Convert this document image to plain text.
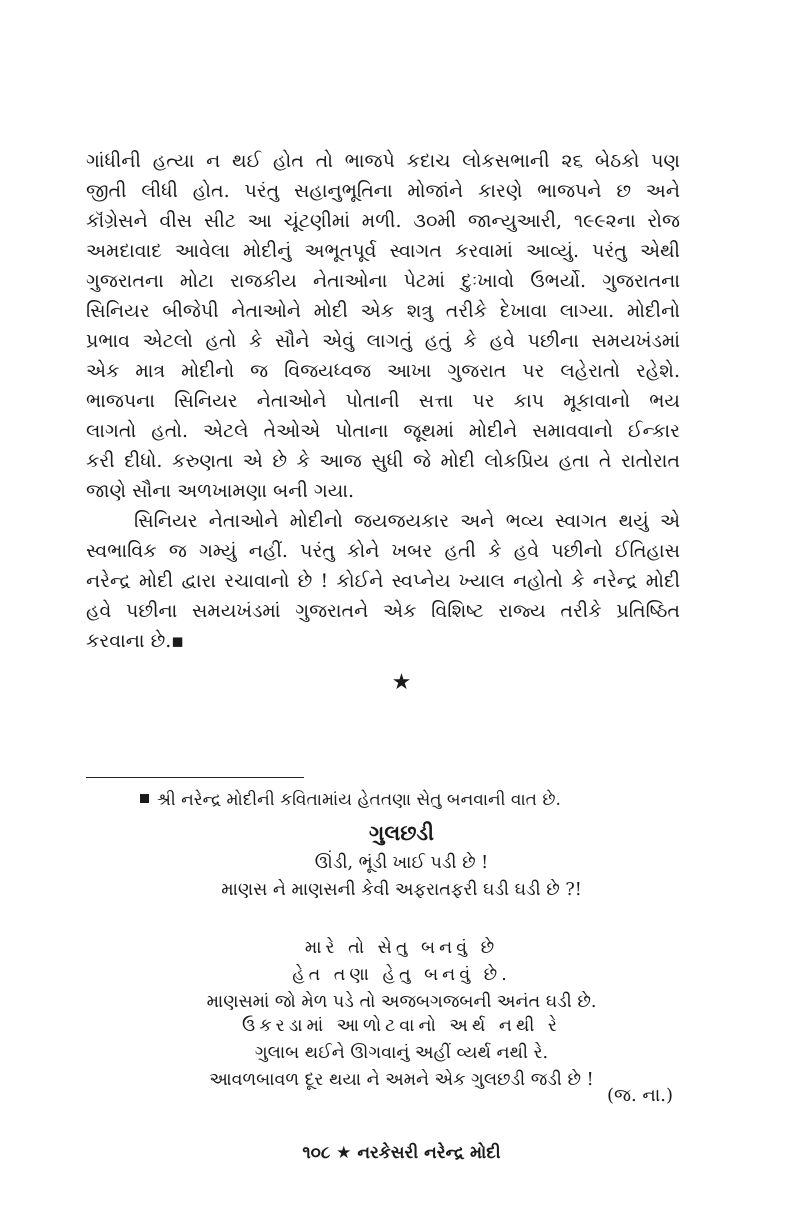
ગાંધીની હત્યા ન થઈ હોત તો ભાજપે કદાચ લોકસભાની ૨૬ બેઠકો પણ
જીતી લીધી હોત. પરંતુ સહાનુભૂતિના મોજાંને કારણે ભાજપને છ અને
કૉંગ્રેસને વીસ સીટ આ ચૂંટણીમાં મળી. ૩૦મી જાન્યુઆરી, ૧૯૯૨ના રોજ
અમદાવાદ આવેલા મોદીનું અભૂતપૂર્વ સ્વાગત કરવામાં આવ્યું. પરંતુ એથી
ગુજરાતના મોટા રાજકીય નેતાઓના પેટમાં દુઃખાવો ઉભર્યો. ગુજરાતના
સિનિયર બીજેપી નેતાઓને મોદી એક શત્રુ તરીકે દેખાવા લાગ્યા. મોદીનો
પ્રભાવ એટલો હતો કે સૌને એવું લાગતું હતું કે હવે પછીના સમયખંડમાં
એક માત્ર મોદીનો જ વિજયધ્વજ આખા ગુજરાત પર લહેરાતો રહેશે.
ભાજપના સિનિયર નેતાઓને પોતાની સત્તા પર કાપ મૂકાવાનો ભય
લાગતો હતો. એટલે તેઓએ પોતાના જૂથમાં મોદીને સમાવવાનો ઈન્કાર
કરી દીધો. કરુણતા એ છે કે આજ સુધી જે મોદી લોકપ્રિય હતા તે રાતોરાત
જાણે સૌના અળખામણા બની ગયા.
સિનિયર નેતાઓને મોદીનો જયજયકાર અને ભવ્ય સ્વાગત થયું એ
સ્વભાવિક જ ગમ્યું નહીં. પરંતુ કોને ખબર હતી કે હવે પછીનો ઈતિહાસ
નરેન્દ્ર મોદી દ્વારા રચાવાનો છે ! કોઈને સ્વપ્નેય ખ્યાલ નહોતો કે નરેન્દ્ર મોદી
હવે પછીના સમયખંડમાં ગુજરાતને એક વિશિષ્ટ રાજ્ય તરીકે પ્રતિષ્ઠિત
કરવાના છે.▪
★
શ્રી નરેન્દ્ર મોદીની કવિતામાંય હેતતણા સેતુ બનવાની વાત છે.
ગુલછડી
ઊંડી, ભૂંડી ખાઈ પડી છે !
માણસ ને માણસની કેવી અફરાતફરી ઘડી ઘડી છે ?!
મારે તો સેતુ બનવું છે
હેત તણા હેતુ બનવું છે.
માણસમાં જો મેળ પડે તો અજબગજબની અનંત ઘડી છે.
ઉકરડામાં આળોટવાનો અર્થ નથી રે
ગુલાબ થઈને ઊગવાનું અહીં વ્યર્થ નથી રે.
આવળબાવળ દૂર થયા ને અમને એક ગુલછડી જડી છે !
(જ. ના.)
૧૦૮ ★ નરકેસરી નરેન્દ્ર મોદી
